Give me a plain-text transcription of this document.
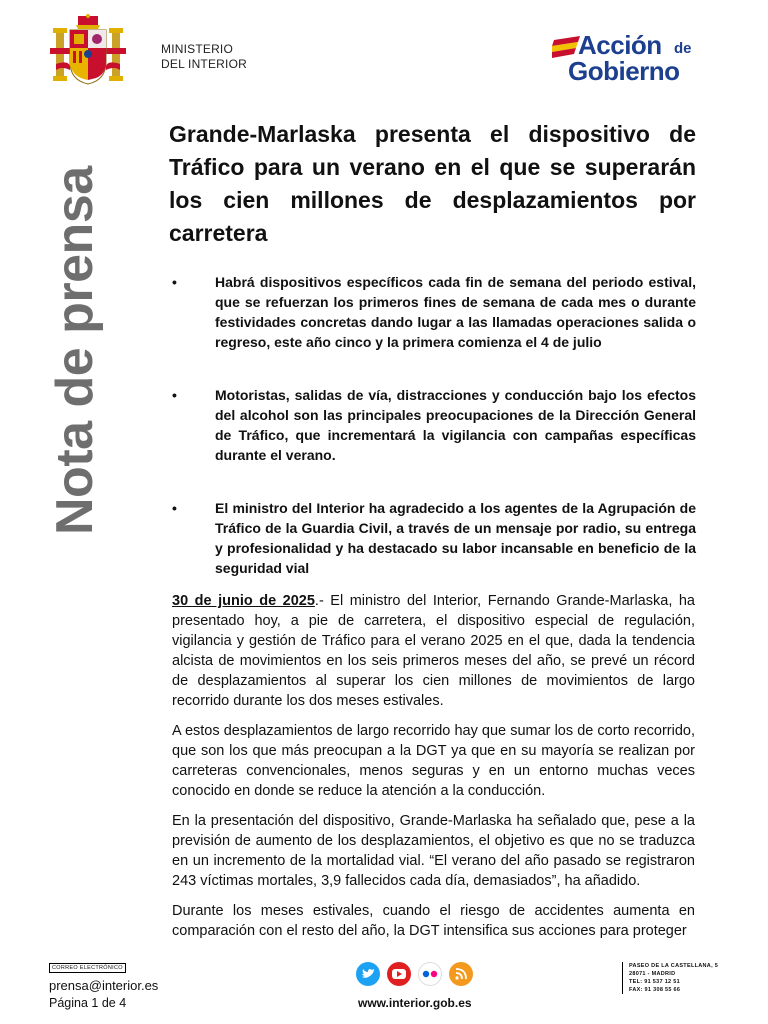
MINISTERIO
DEL INTERIOR
Acción de
Gobierno
Nota de prensa
Grande-Marlaska presenta el dispositivo de Tráfico para un verano en el que se superarán los cien millones de desplazamientos por carretera
•	Habrá dispositivos específicos cada fin de semana del periodo estival, que se refuerzan los primeros fines de semana de cada mes o durante festividades concretas dando lugar a las llamadas operaciones salida o regreso, este año cinco y la primera comienza el 4 de julio
•	Motoristas, salidas de vía, distracciones y conducción bajo los efectos del alcohol son las principales preocupaciones de la Dirección General de Tráfico, que incrementará la vigilancia con campañas específicas durante el verano.
•	El ministro del Interior ha agradecido a los agentes de la Agrupación de Tráfico de la Guardia Civil, a través de un mensaje por radio, su entrega y profesionalidad y ha destacado su labor incansable en beneficio de la seguridad vial

30 de junio de 2025.- El ministro del Interior, Fernando Grande-Marlaska, ha presentado hoy, a pie de carretera, el dispositivo especial de regulación, vigilancia y gestión de Tráfico para el verano 2025 en el que, dada la tendencia alcista de movimientos en los seis primeros meses del año, se prevé un récord de desplazamientos al superar los cien millones de movimientos de largo recorrido durante los dos meses estivales.

A estos desplazamientos de largo recorrido hay que sumar los de corto recorrido, que son los que más preocupan a la DGT ya que en su mayoría se realizan por carreteras convencionales, menos seguras y en un entorno muchas veces conocido en donde se reduce la atención a la conducción.

En la presentación del dispositivo, Grande-Marlaska ha señalado que, pese a la previsión de aumento de los desplazamientos, el objetivo es que no se traduzca en un incremento de la mortalidad vial. “El verano del año pasado se registraron 243 víctimas mortales, 3,9 fallecidos cada día, demasiados”, ha añadido.

Durante los meses estivales, cuando el riesgo de accidentes aumenta en comparación con el resto del año, la DGT intensifica sus acciones para proteger

CORREO ELECTRÓNICO
prensa@interior.es
Página 1 de 4	www.interior.gob.es
PASEO DE LA CASTELLANA, 5
28071 - MADRID
TEL: 91 537 12 51
FAX: 91 308 55 66
